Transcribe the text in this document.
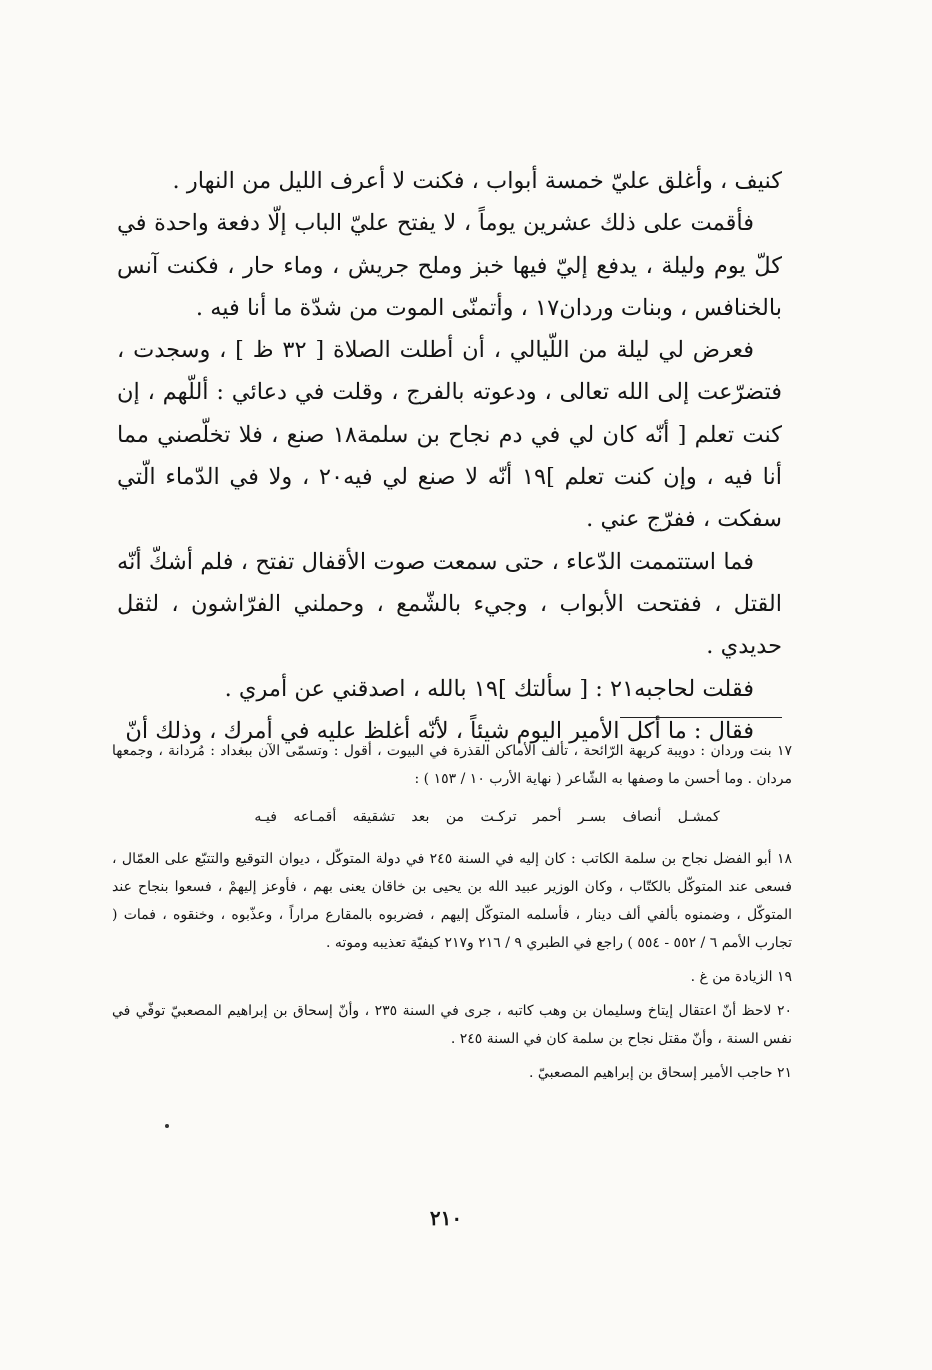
كنيف ، وأغلق عليّ خمسة أبواب ، فكنت لا أعرف الليل من النهار .

فأقمت على ذلك عشرين يوماً ، لا يفتح عليّ الباب إلّا دفعة واحدة في كلّ يوم وليلة ، يدفع إليّ فيها خبز وملح جريش ، وماء حار ، فكنت آنس بالخنافس ، وبنات وردان١٧ ، وأتمنّى الموت من شدّة ما أنا فيه .

فعرض لي ليلة من اللّيالي ، أن أطلت الصلاة [ ٣٢ ظ ] ، وسجدت ، فتضرّعت إلى الله تعالى ، ودعوته بالفرج ، وقلت في دعائي : أللّهم ، إن كنت تعلم [ أنّه كان لي في دم نجاح بن سلمة١٨ صنع ، فلا تخلّصني مما أنا فيه ، وإن كنت تعلم ]١٩ أنّه لا صنع لي فيه٢٠ ، ولا في الدّماء الّتي سفكت ، ففرّج عني .

فما استتممت الدّعاء ، حتى سمعت صوت الأقفال تفتح ، فلم أشكّ أنّه القتل ، ففتحت الأبواب ، وجيء بالشّمع ، وحملني الفرّاشون ، لثقل حديدي .

فقلت لحاجبه٢١ : [ سألتك ]١٩ بالله ، اصدقني عن أمري .

فقال : ما أكل الأمير اليوم شيئاً ، لأنّه أغلظ عليه في أمرك ، وذلك أنّ

١٧ بنت وردان : دويبة كريهة الرّائحة ، تألف الأماكن القذرة في البيوت ، أقول : وتسمّى الآن ببغداد : مُردانة ، وجمعها مردان . وما أحسن ما وصفها به الشّاعر ( نهاية الأرب ١٠ / ١٥٣ ) :

كمشـل أنصاف بسـر أحمر تركـت من بعد تشقيقه أقمـاعه فيـه

١٨ أبو الفضل نجاح بن سلمة الكاتب : كان إليه في السنة ٢٤٥ في دولة المتوكّل ، ديوان التوقيع والتتبّع على العمّال ، فسعى عند المتوكّل بالكتّاب ، وكان الوزير عبيد الله بن يحيى بن خاقان يعنى بهم ، فأوعز إليهمْ ، فسعوا بنجاح عند المتوكّل ، وضمنوه بألفي ألف دينار ، فأسلمه المتوكّل إليهم ، فضربوه بالمقارع مراراً ، وعذّبوه ، وخنقوه ، فمات ( تجارب الأمم ٦ / ٥٥٢ - ٥٥٤ ) راجع في الطبري ٩ / ٢١٦ و٢١٧ كيفيّة تعذيبه وموته .

١٩ الزيادة من غ .

٢٠ لاحظ أنّ اعتقال إيتاخ وسليمان بن وهب كاتبه ، جرى في السنة ٢٣٥ ، وأنّ إسحاق بن إبراهيم المصعبيّ توفّي في نفس السنة ، وأنّ مقتل نجاح بن سلمة كان في السنة ٢٤٥ .

٢١ حاجب الأمير إسحاق بن إبراهيم المصعبيّ .

٢١٠
